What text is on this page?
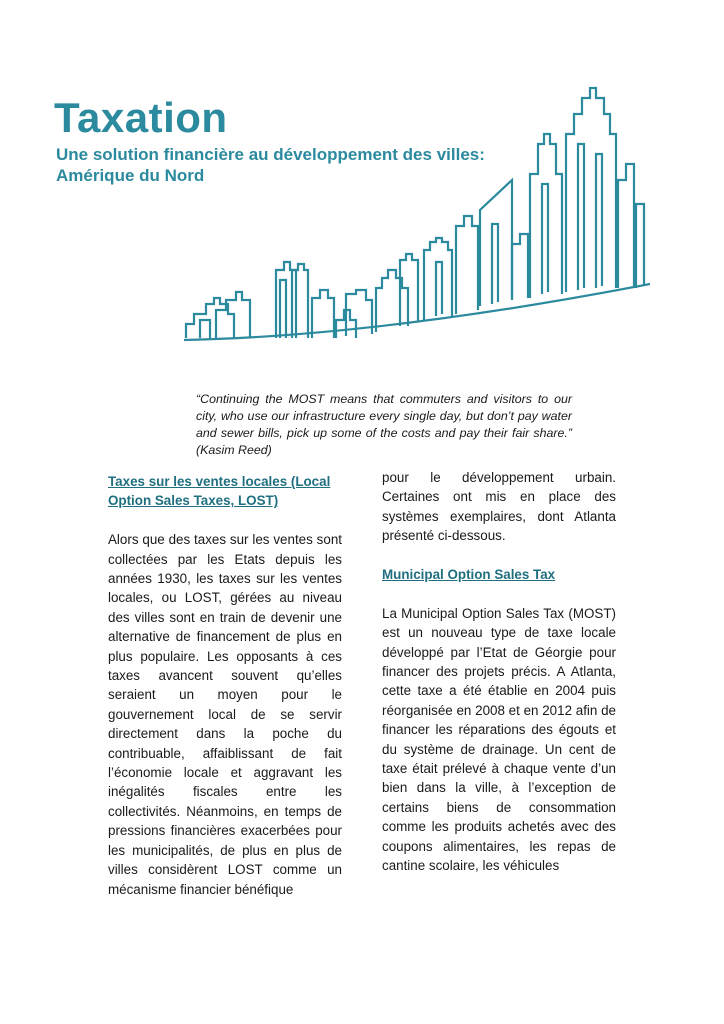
Taxation
Une solution financière au développement des villes: Amérique du Nord

“Continuing the MOST means that commuters and visitors to our city, who use our infrastructure every single day, but don’t pay water and sewer bills, pick up some of the costs and pay their fair share.” (Kasim Reed)

Taxes sur les ventes locales (Local Option Sales Taxes, LOST)

Alors que des taxes sur les ventes sont collectées par les Etats depuis les années 1930, les taxes sur les ventes locales, ou LOST, gérées au niveau des villes sont en train de devenir une alternative de financement de plus en plus populaire. Les opposants à ces taxes avancent souvent qu’elles seraient un moyen pour le gouvernement local de se servir directement dans la poche du contribuable, affaiblissant de fait l’économie locale et aggravant les inégalités fiscales entre les collectivités. Néanmoins, en temps de pressions financières exacerbées pour les municipalités, de plus en plus de villes considèrent LOST comme un mécanisme financier bénéfique

pour le développement urbain. Certaines ont mis en place des systèmes exemplaires, dont Atlanta présenté ci-dessous.

Municipal Option Sales Tax

La Municipal Option Sales Tax (MOST) est un nouveau type de taxe locale développé par l’Etat de Géorgie pour financer des projets précis. A Atlanta, cette taxe a été établie en 2004 puis réorganisée en 2008 et en 2012 afin de financer les réparations des égouts et du système de drainage. Un cent de taxe était prélevé à chaque vente d’un bien dans la ville, à l’exception de certains biens de consommation comme les produits achetés avec des coupons alimentaires, les repas de cantine scolaire, les véhicules
